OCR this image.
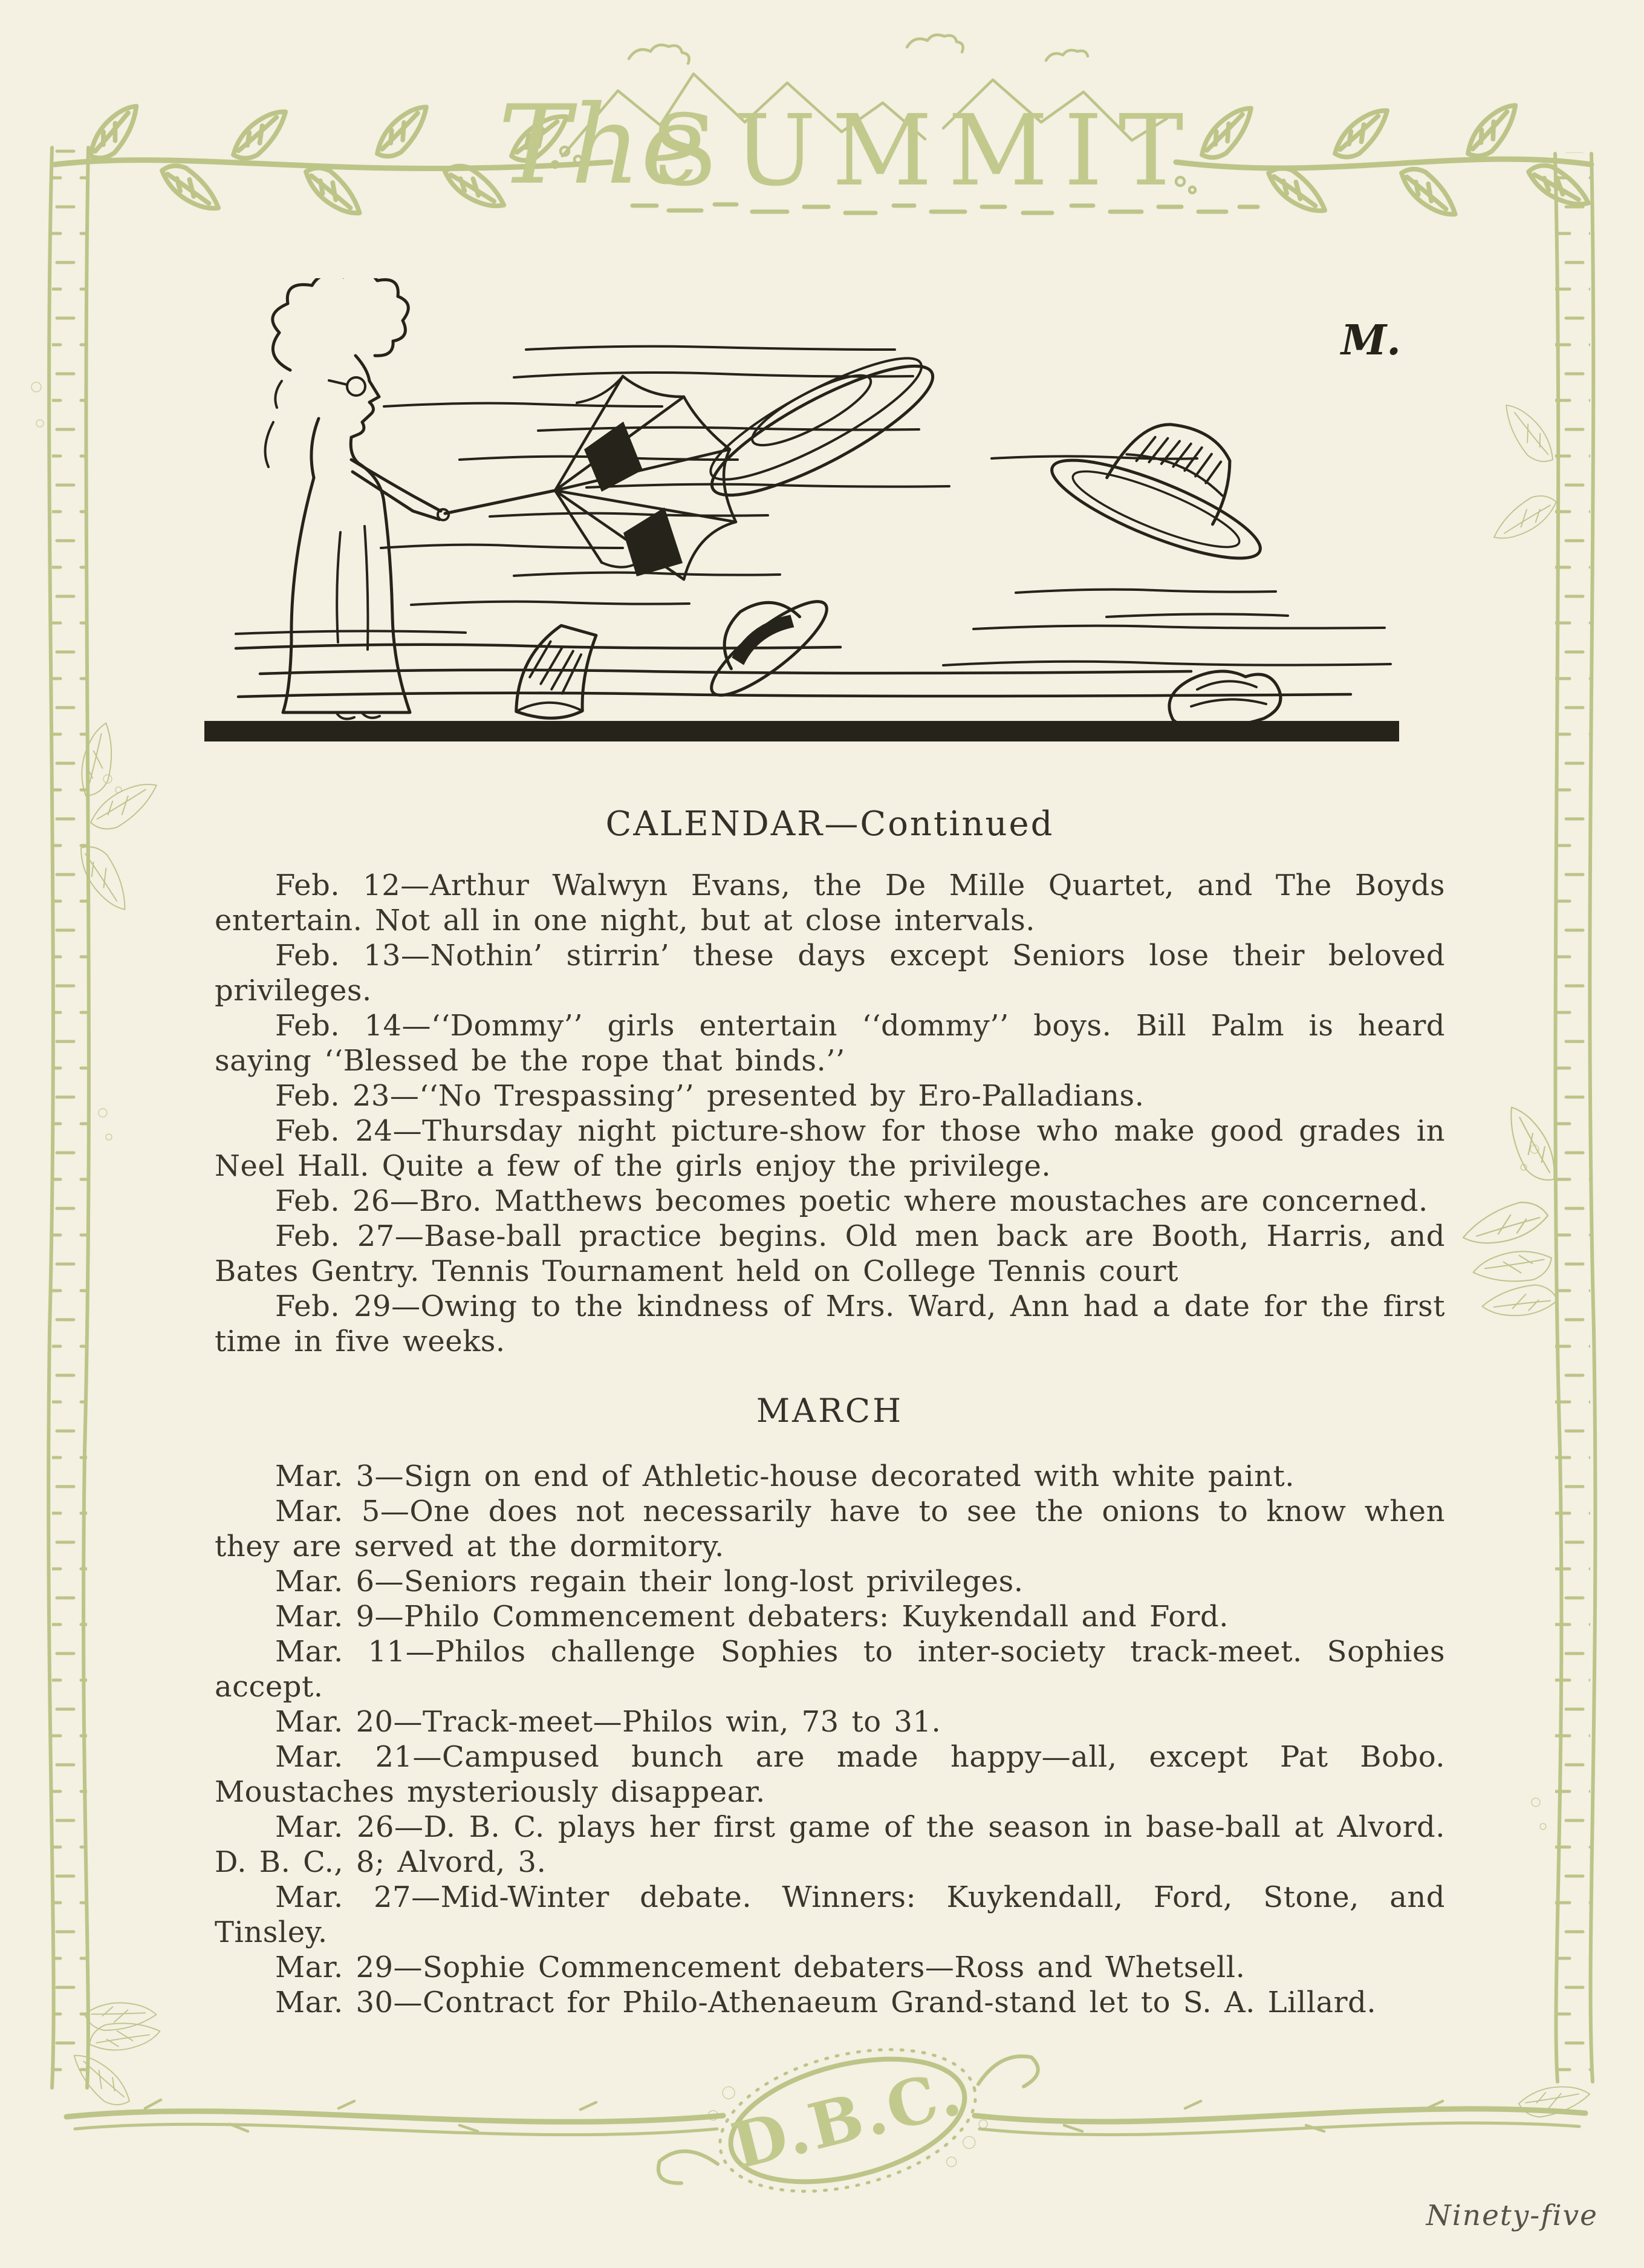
The
SUMMIT
D.B.C.
M.
CALENDAR—Continued

Feb. 12—Arthur Walwyn Evans, the De Mille Quartet, and The Boyds entertain. Not all in one night, but at close intervals.

Feb. 13—Nothin’ stirrin’ these days except Seniors lose their beloved privileges.

Feb. 14—‘‘Dommy’’ girls entertain ‘‘dommy’’ boys. Bill Palm is heard saying ‘‘Blessed be the rope that binds.’’

Feb. 23—‘‘No Trespassing’’ presented by Ero-Palladians.

Feb. 24—Thursday night picture-show for those who make good grades in Neel Hall. Quite a few of the girls enjoy the privilege.

Feb. 26—Bro. Matthews becomes poetic where moustaches are concerned.

Feb. 27—Base-ball practice begins. Old men back are Booth, Harris, and Bates Gentry. Tennis Tournament held on College Tennis court

Feb. 29—Owing to the kindness of Mrs. Ward, Ann had a date for the first time in five weeks.

MARCH

Mar. 3—Sign on end of Athletic-house decorated with white paint.

Mar. 5—One does not necessarily have to see the onions to know when they are served at the dormitory.

Mar. 6—Seniors regain their long-lost privileges.

Mar. 9—Philo Commencement debaters: Kuykendall and Ford.

Mar. 11—Philos challenge Sophies to inter-society track-meet. Sophies accept.

Mar. 20—Track-meet—Philos win, 73 to 31.

Mar. 21—Campused bunch are made happy—all, except Pat Bobo. Moustaches mysteriously disappear.

Mar. 26—D. B. C. plays her first game of the season in base-ball at Alvord. D. B. C., 8; Alvord, 3.

Mar. 27—Mid-Winter debate. Winners: Kuykendall, Ford, Stone, and Tinsley.

Mar. 29—Sophie Commencement debaters—Ross and Whetsell.

Mar. 30—Contract for Philo-Athenaeum Grand-stand let to S. A. Lillard.

Ninety-five
